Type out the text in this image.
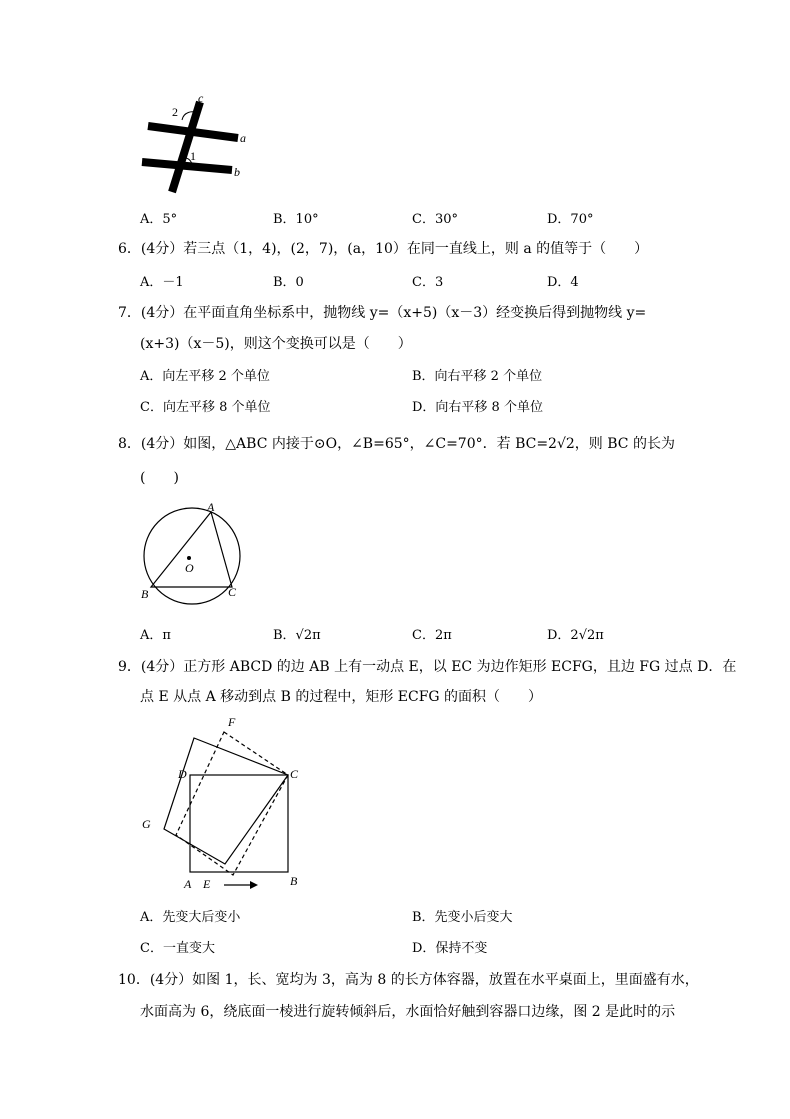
c
a
b
2
1
A．5°	B．10°	C．30°	D．70°
6．(4分）若三点（1，4)，(2，7)，(a，10）在同一直线上，则 a 的值等于（　　）
A．－1	B．0	C．3	D．4
7．(4分）在平面直角坐标系中，抛物线 y=（x+5)（x－3）经变换后得到抛物线 y=
(x+3)（x－5)，则这个变换可以是（　　）
A．向左平移 2 个单位	B．向右平移 2 个单位
C．向左平移 8 个单位	D．向右平移 8 个单位
8．(4分）如图，△ABC 内接于⊙O，∠B=65°，∠C=70°．若 BC=2√2，则 BC 的长为
(　　)
A
B	C
O
A．π	B．√2π	C．2π	D．2√2π
9．(4分）正方形 ABCD 的边 AB 上有一动点 E，以 EC 为边作矩形 ECFG，且边 FG 过点 D．在
点 E 从点 A 移动到点 B 的过程中，矩形 ECFG 的面积（　　）
F
D	C
G
A E	B
A．先变大后变小	B．先变小后变大
C．一直变大	D．保持不变
10．(4分）如图 1，长、宽均为 3，高为 8 的长方体容器，放置在水平桌面上，里面盛有水，
水面高为 6，绕底面一棱进行旋转倾斜后，水面恰好触到容器口边缘，图 2 是此时的示
